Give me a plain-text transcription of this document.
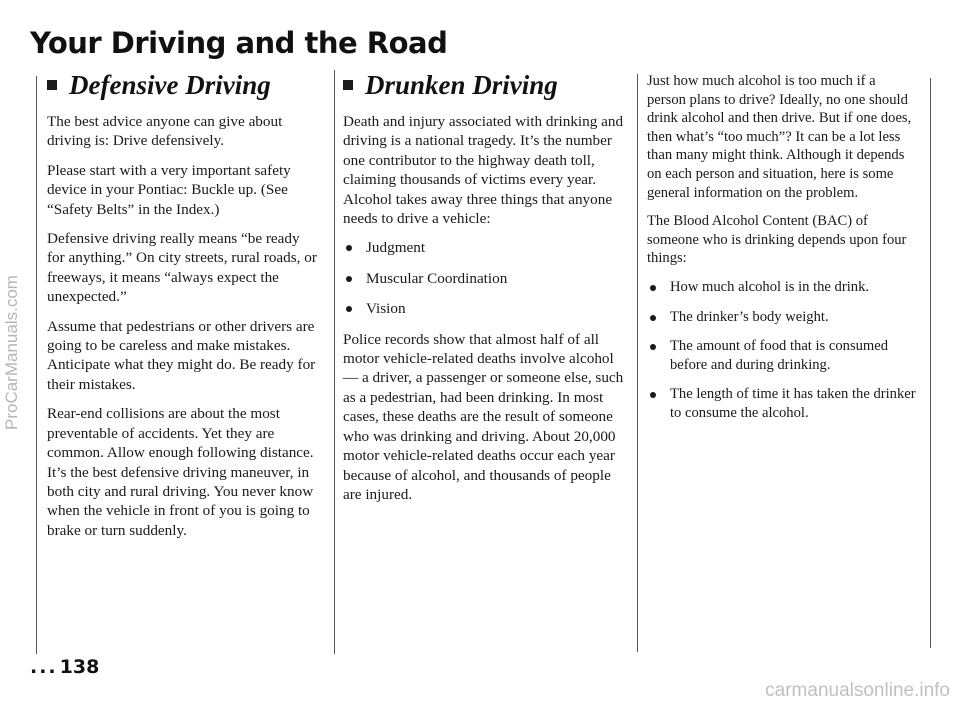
Your Driving and the Road
Defensive Driving

The best advice anyone can give about driving is: Drive defensively.

Please start with a very important safety device in your Pontiac: Buckle up. (See “Safety Belts” in the Index.)

Defensive driving really means “be ready for anything.” On city streets, rural roads, or freeways, it means “always expect the unexpected.”

Assume that pedestrians or other drivers are going to be careless and make mistakes. Anticipate what they might do. Be ready for their mistakes.

Rear-end collisions are about the most preventable of accidents. Yet they are common. Allow enough following distance. It’s the best defensive driving maneuver, in both city and rural driving. You never know when the vehicle in front of you is going to brake or turn suddenly.

Drunken Driving

Death and injury associated with drinking and driving is a national tragedy. It’s the number one contributor to the highway death toll, claiming thousands of victims every year. Alcohol takes away three things that anyone needs to drive a vehicle:

Judgment
Muscular Coordination
Vision

Police records show that almost half of all motor vehicle-related deaths involve alcohol — a driver, a passenger or someone else, such as a pedestrian, had been drinking. In most cases, these deaths are the result of someone who was drinking and driving. About 20,000 motor vehicle-related deaths occur each year because of alcohol, and thousands of people are injured.

Just how much alcohol is too much if a person plans to drive? Ideally, no one should drink alcohol and then drive. But if one does, then what’s “too much”? It can be a lot less than many might think. Although it depends on each person and situation, here is some general information on the problem.

The Blood Alcohol Content (BAC) of someone who is drinking depends upon four things:

How much alcohol is in the drink.
The drinker’s body weight.
The amount of food that is consumed before and during drinking.
The length of time it has taken the drinker to consume the alcohol.
... 138
ProCarManuals.com
carmanualsonline.info
